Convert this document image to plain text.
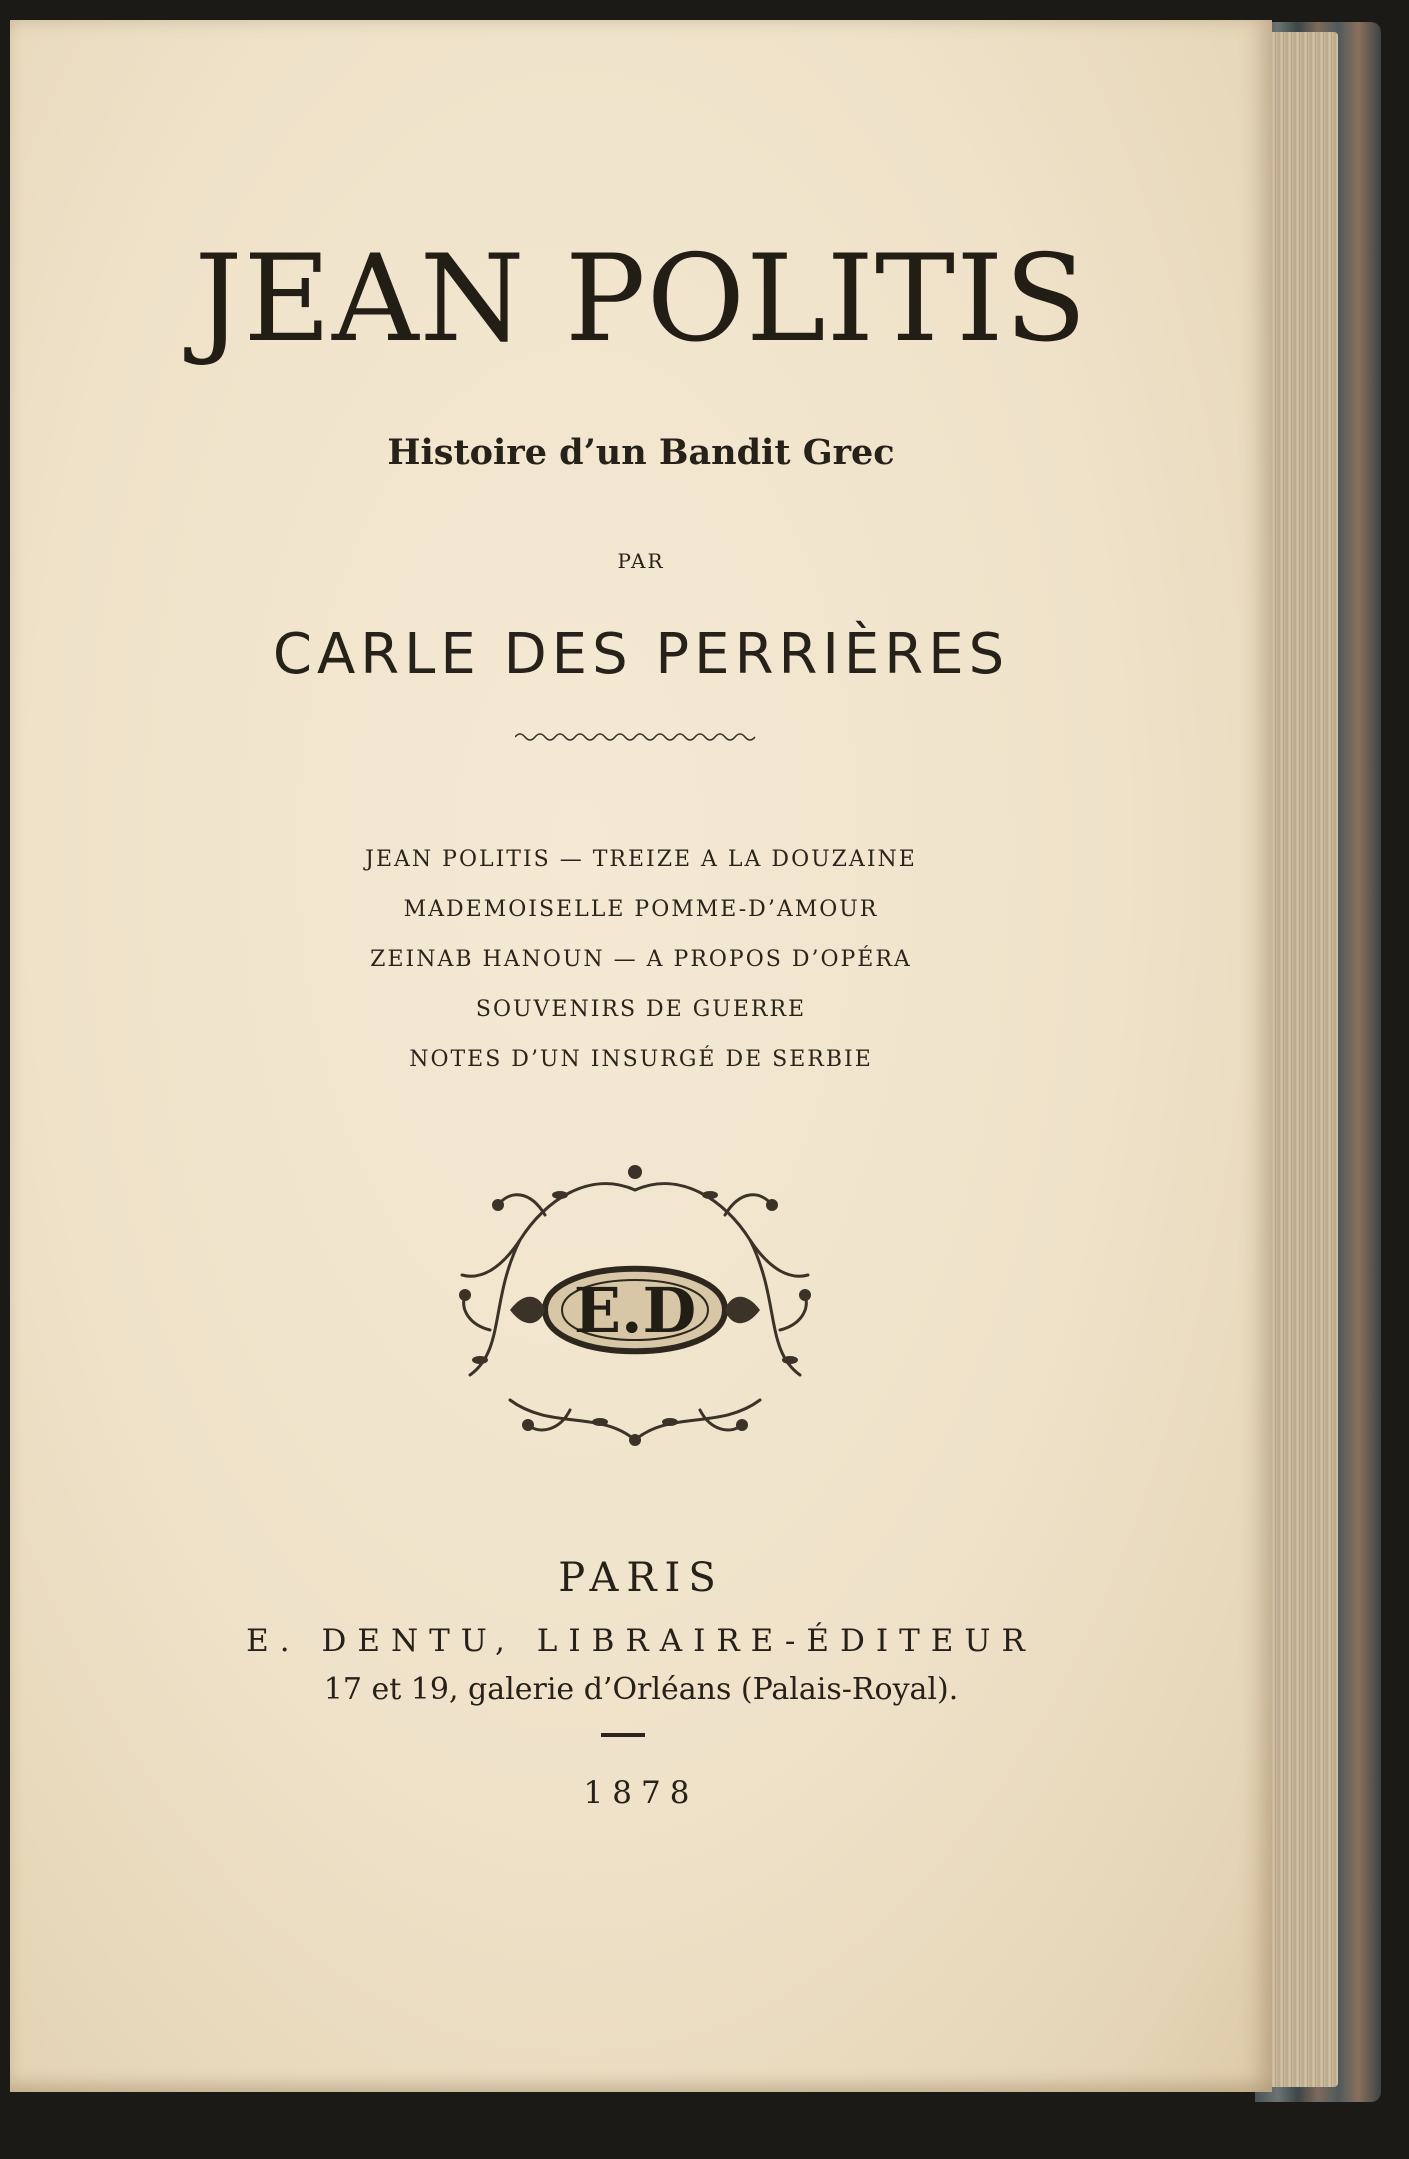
JEAN POLITIS
Histoire d’un Bandit Grec
PAR
CARLE DES PERRIÈRES
JEAN POLITIS — TREIZE A LA DOUZAINE
MADEMOISELLE POMME-D’AMOUR
ZEINAB HANOUN — A PROPOS D’OPÉRA
SOUVENIRS DE GUERRE
NOTES D’UN INSURGÉ DE SERBIE
E.D
PARIS
E. DENTU, LIBRAIRE-ÉDITEUR
17 et 19, galerie d’Orléans (Palais-Royal).
1878
